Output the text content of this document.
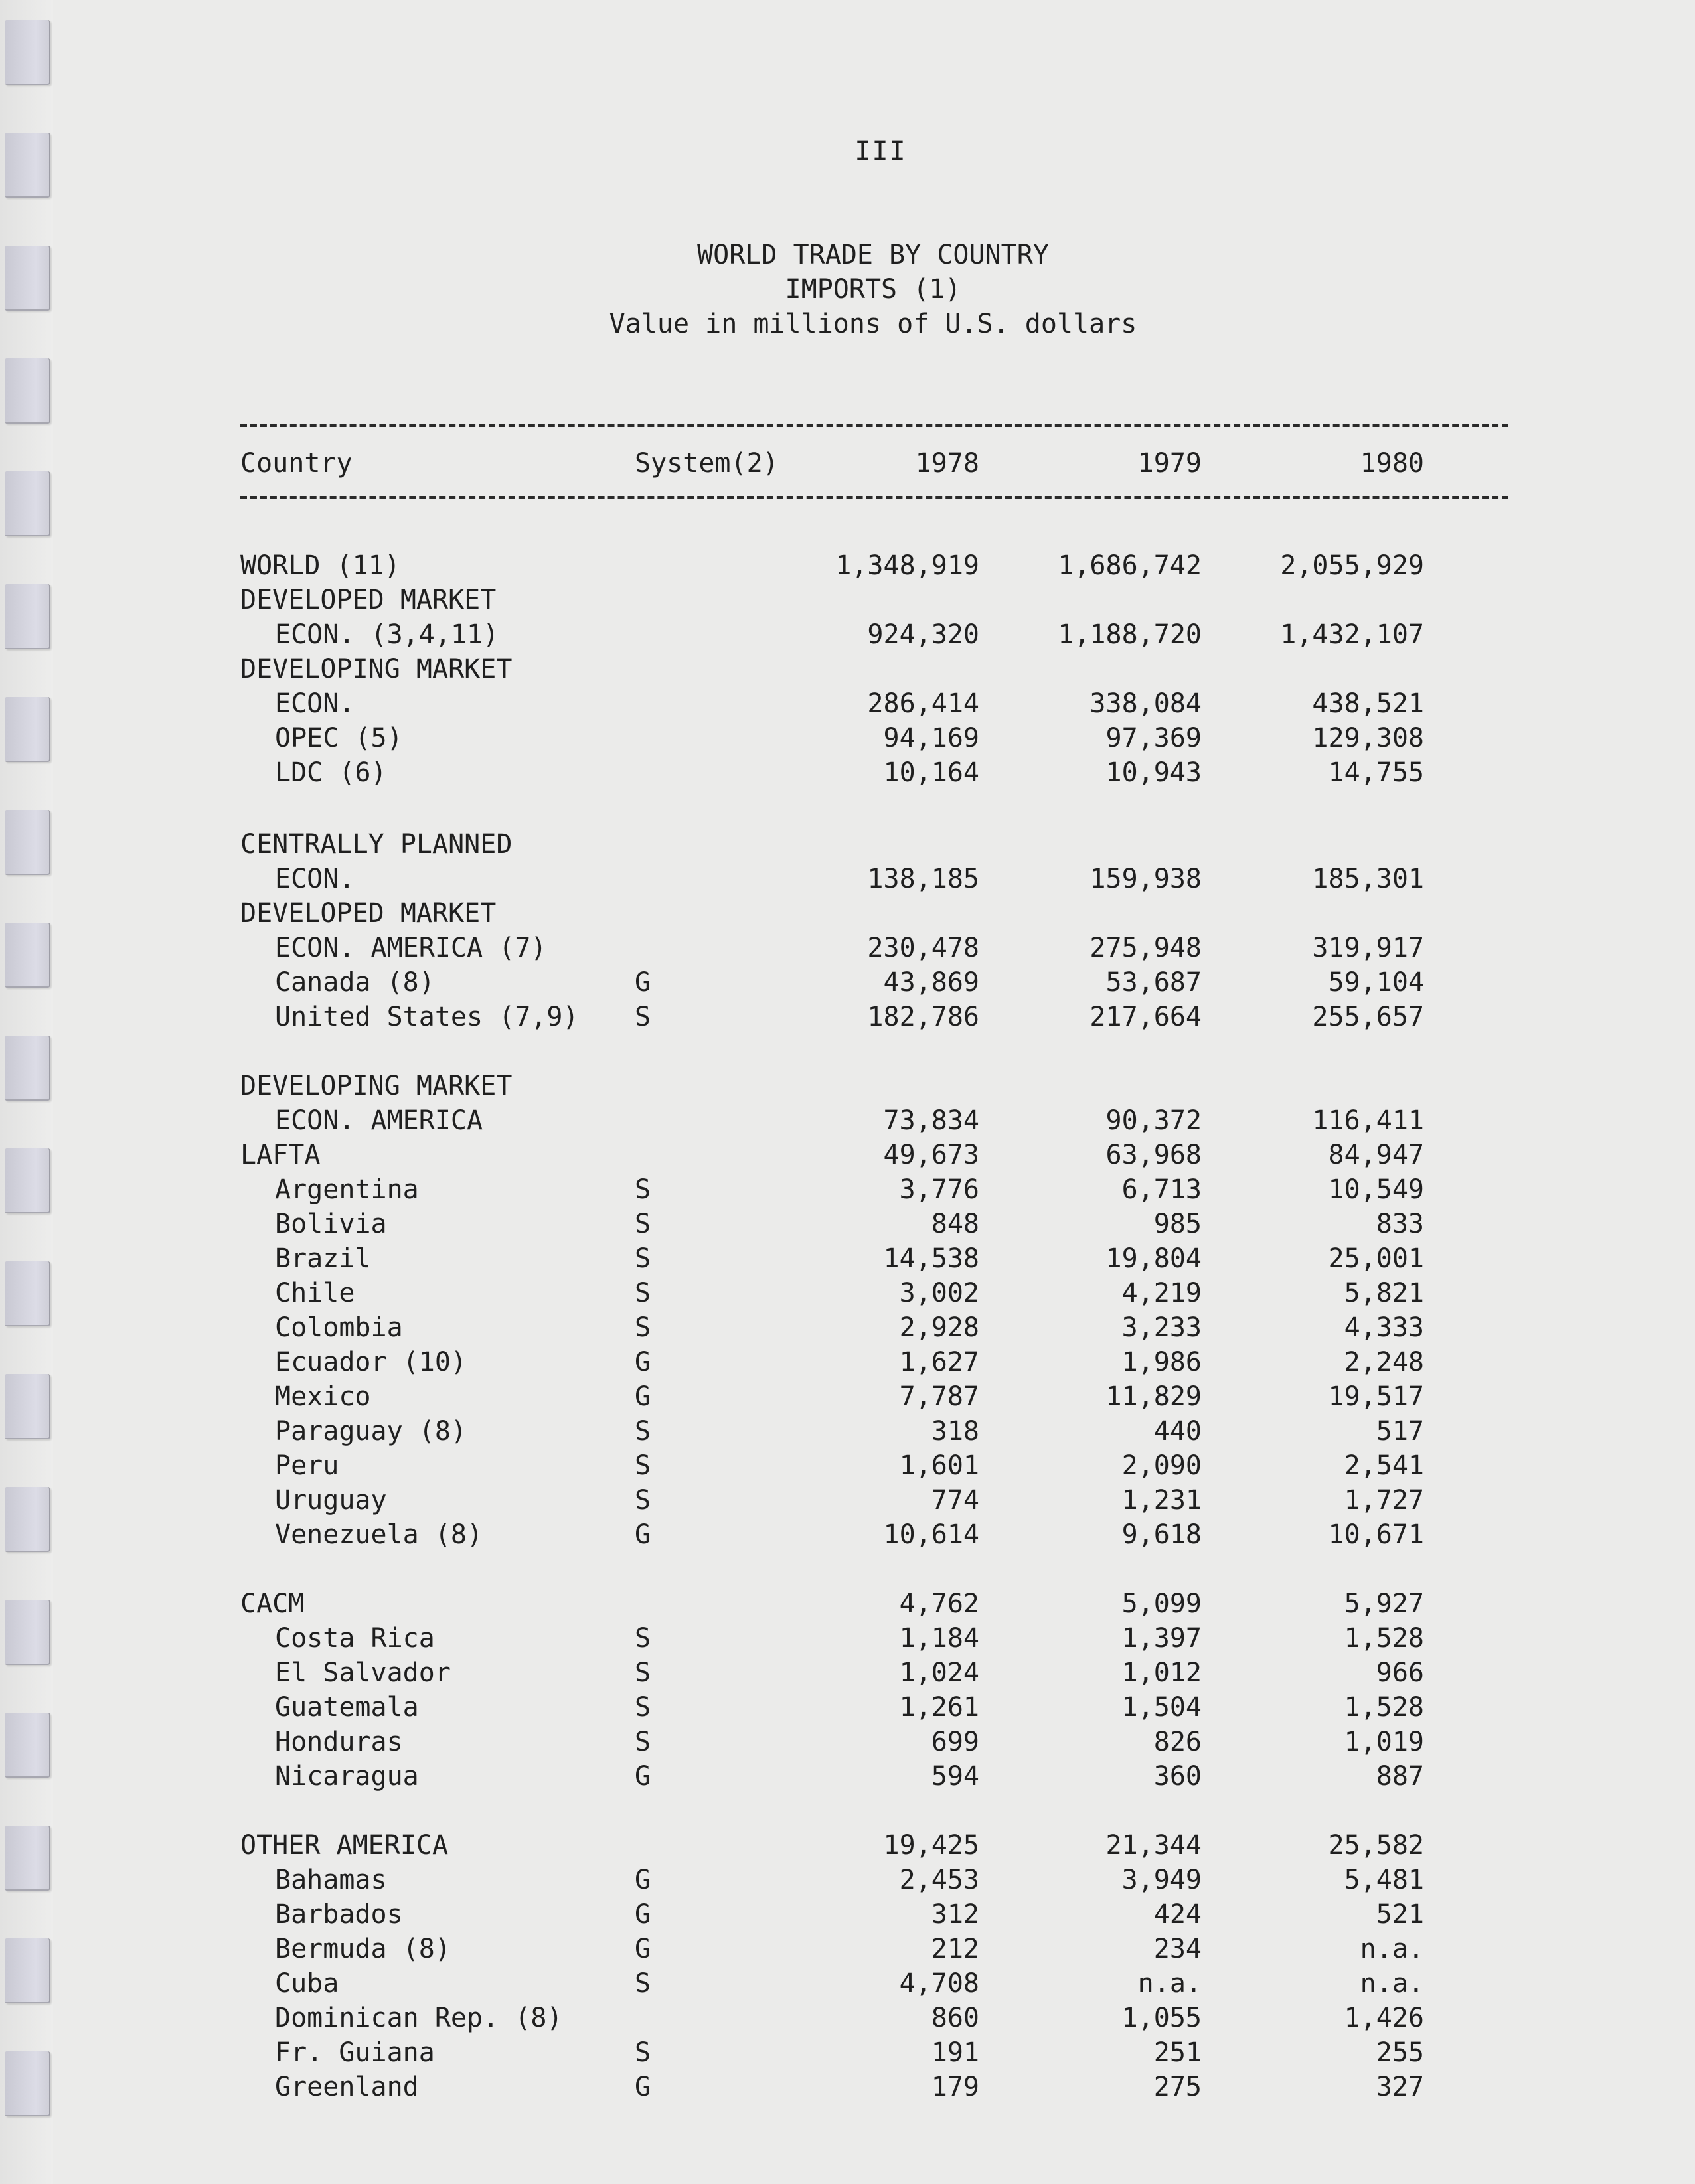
III
WORLD TRADE BY COUNTRY
IMPORTS (1)
Value in millions of U.S. dollars
Country	System(2)	1978	1979	1980
WORLD (11)	1,348,919	1,686,742	2,055,929
DEVELOPED MARKET
ECON. (3,4,11)	924,320	1,188,720	1,432,107
DEVELOPING MARKET
ECON.	286,414	338,084	438,521
OPEC (5)	94,169	97,369	129,308
LDC (6)	10,164	10,943	14,755
CENTRALLY PLANNED
ECON.	138,185	159,938	185,301
DEVELOPED MARKET
ECON. AMERICA (7)	230,478	275,948	319,917
Canada (8)	G	43,869	53,687	59,104
United States (7,9) S	182,786	217,664	255,657
DEVELOPING MARKET
ECON. AMERICA	73,834	90,372	116,411
LAFTA	49,673	63,968	84,947
Argentina	S	3,776	6,713	10,549
Bolivia	S	848	985	833
Brazil	S	14,538	19,804	25,001
Chile	S	3,002	4,219	5,821
Colombia	S	2,928	3,233	4,333
Ecuador (10)	G	1,627	1,986	2,248
Mexico	G	7,787	11,829	19,517
Paraguay (8)	S	318	440	517
Peru	S	1,601	2,090	2,541
Uruguay	S	774	1,231	1,727
Venezuela (8)	G	10,614	9,618	10,671
CACM	4,762	5,099	5,927
Costa Rica	S	1,184	1,397	1,528
El Salvador	S	1,024	1,012	966
Guatemala	S	1,261	1,504	1,528
Honduras	S	699	826	1,019
Nicaragua	G	594	360	887
OTHER AMERICA	19,425	21,344	25,582
Bahamas	G	2,453	3,949	5,481
Barbados	G	312	424	521
Bermuda (8)	G	212	234	n.a.
Cuba	S	4,708	n.a.	n.a.
Dominican Rep. (8)	860	1,055	1,426
Fr. Guiana	S	191	251	255
Greenland	G	179	275	327
